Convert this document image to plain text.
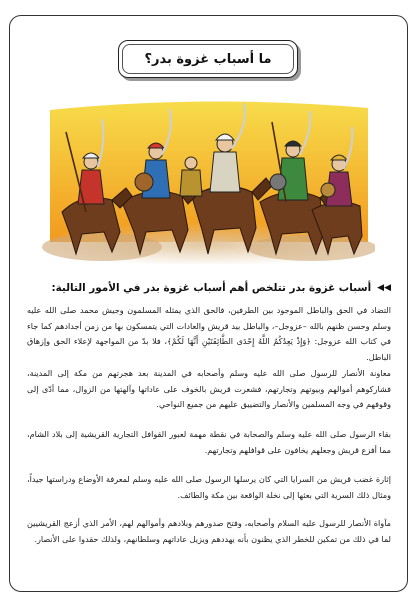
ما أسباب غزوة بدر؟
◀◀
أسباب غزوة بدر تتلخص أهم أسباب غزوة بدر في الأمور التالية:

التضاد في الحق والباطل الموجود بين الطرفين، فالحق الذي يمثله المسلمون وجيش محمد صلى الله عليه وسلم وحسن ظنهم بالله –عزوجل–، والباطل بيد قريش والعادات التي يتمسكون بها من زمن أجدادهم كما جاء في كتاب الله عزوجل: ﴿وَإِذْ يَعِدُكُمُ اللَّهُ إِحْدَى الطَّائِفَتَيْنِ أَنَّهَا لَكُمْ﴾، فلا بدّ من المواجهة لإعلاء الحق وإزهاق الباطل.

معاونة الأنصار للرسول صلى الله عليه وسلم وأصحابه في المدينة بعد هجرتهم من مكة إلى المدينة، فشاركوهم أموالهم وبيوتهم وتجارتهم، فشعرت قريش بالخوف على عاداتها وآلهتها من الزوال، مما أدّى إلى وقوفهم في وجه المسلمين والأنصار والتضييق عليهم من جميع النواحي.

بقاء الرسول صلى الله عليه وسلم والصحابة في نقطة مهمة لعبور القوافل التجارية القريشية إلى بلاد الشام، مما أفزع قريش وجعلهم يخافون على قوافلهم وتجارتهم.

إثارة غضب قريش من السرايا التي كان يرسلها الرسول صلى الله عليه وسلم لمعرفة الأوضاع ودراستها جيداً، ومثال ذلك السرية التي بعثها إلى نخلة الواقعة بين مكة والطائف.

مآواة الأنصار للرسول عليه السلام وأصحابه، وفتح صدورهم وبلادهم وأموالهم لهم، الأمر الذي أزعج القريشيين لما في ذلك من تمكين للخطر الذي يظنون بأنه يهددهم ويزيل عاداتهم وسلطانهم، ولذلك حقدوا على الأنصار.
